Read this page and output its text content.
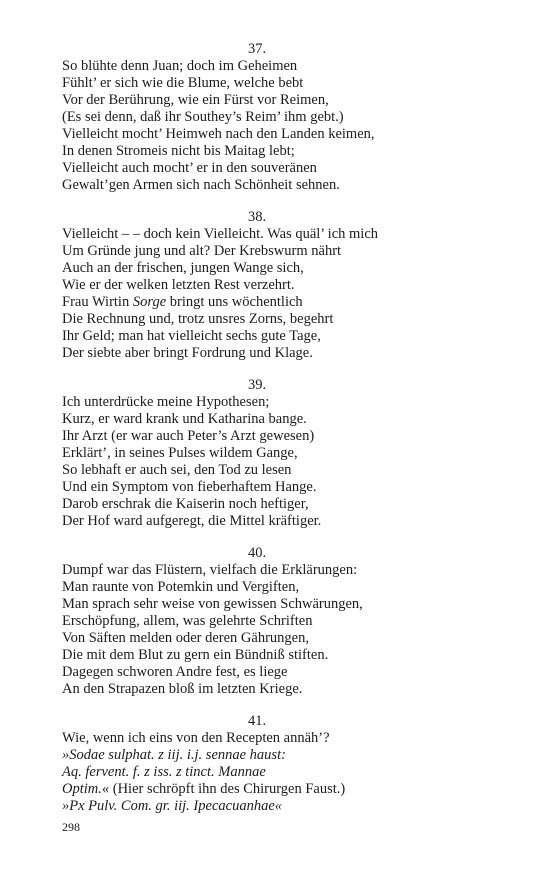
37.
So blühte denn Juan; doch im Geheimen
Fühlt’ er sich wie die Blume, welche bebt
Vor der Berührung, wie ein Fürst vor Reimen,
(Es sei denn, daß ihr Southey’s Reim’ ihm gebt.)
Vielleicht mocht’ Heimweh nach den Landen keimen,
In denen Stromeis nicht bis Maitag lebt;
Vielleicht auch mocht’ er in den souveränen
Gewalt’gen Armen sich nach Schönheit sehnen.
38.
Vielleicht – – doch kein Vielleicht. Was quäl’ ich mich
Um Gründe jung und alt? Der Krebswurm nährt
Auch an der frischen, jungen Wange sich,
Wie er der welken letzten Rest verzehrt.
Frau Wirtin Sorge bringt uns wöchentlich
Die Rechnung und, trotz unsres Zorns, begehrt
Ihr Geld; man hat vielleicht sechs gute Tage,
Der siebte aber bringt Fordrung und Klage.
39.
Ich unterdrücke meine Hypothesen;
Kurz, er ward krank und Katharina bange.
Ihr Arzt (er war auch Peter’s Arzt gewesen)
Erklärt’, in seines Pulses wildem Gange,
So lebhaft er auch sei, den Tod zu lesen
Und ein Symptom von fieberhaftem Hange.
Darob erschrak die Kaiserin noch heftiger,
Der Hof ward aufgeregt, die Mittel kräftiger.
40.
Dumpf war das Flüstern, vielfach die Erklärungen:
Man raunte von Potemkin und Vergiften,
Man sprach sehr weise von gewissen Schwärungen,
Erschöpfung, allem, was gelehrte Schriften
Von Säften melden oder deren Gährungen,
Die mit dem Blut zu gern ein Bündniß stiften.
Dagegen schworen Andre fest, es liege
An den Strapazen bloß im letzten Kriege.
41.
Wie, wenn ich eins von den Recepten annäh’?
»Sodae sulphat. z iij. i.j. sennae haust:
Aq. fervent. f. z iss. z tinct. Mannae
Optim.« (Hier schröpft ihn des Chirurgen Faust.)
»Px Pulv. Com. gr. iij. Ipecacuanhae«
298
